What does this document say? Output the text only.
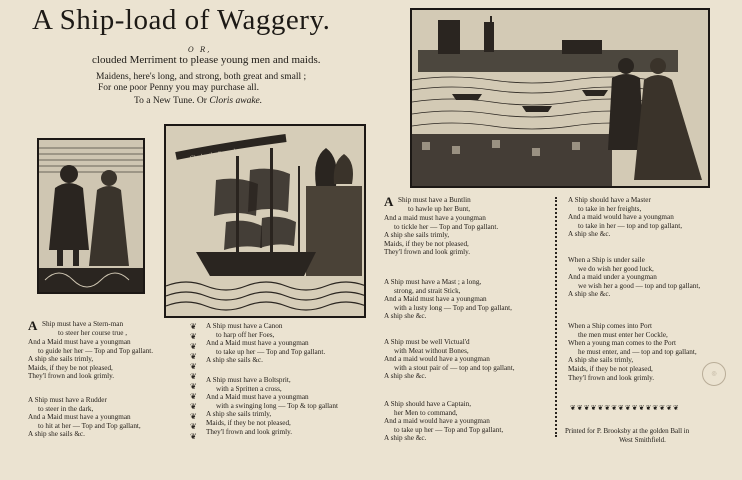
A Ship-load of Waggery.
O R,
clouded Merriment to please young men and maids.
Maidens, here's long, and strong, both great and small ;
For one poor Penny you may purchase all.
To a New Tune. Or Cloris awake.
Charles the Second
A Ship must have a Stern-man
to steer her course true ,
And a Maid must have a youngman
to guide her her — Top and Top gallant.
A ship she sails trimly,
Maids, if they be not pleased,
They'l frown and look grimly.
A Ship must have a Rudder
to steer in the dark,
And a Maid must have a youngman
to hit at her — Top and Top gallant,
A ship she sails &c.
❦
❦
❦
❦
❦
❦
❦
❦
❦
❦
❦
❦
A Ship must have a Canon
to harp off her Foes,
And a Maid must have a youngman
to take up her — Top and Top gallant.
A ship she sails &c.
A Ship must have a Boltsprit,
with a Spritten a cross,
And a Maid must have a youngman
with a swinging long — Top & top gallant
A ship she sails trimly,
Maids, if they be not pleased,
They'l frown and look grimly.
A Ship must have a Buntlin
to hawle up her Bunt,
And a maid must have a youngman
to tickle her — Top and Top gallant.
A ship she sails trimly,
Maids, if they be not pleased,
They'l frown and look grimly.
A Ship must have a Mast ; a long,
strong, and strait Stick,
And a Maid must have a youngman
with a lusty long — Top and Top gallant,
A ship she &c.
A Ship must be well Victual'd
with Meat without Bones,
And a maid would have a youngman
with a stout pair of — top and top gallant,
A ship she &c.
A Ship should have a Captain,
her Men to command,
And a maid would have a youngman
to take up her — Top and Top gallant,
A ship she &c.
A Ship should have a Master
to take in her freights,
And a maid would have a youngman
to take in her — top and top gallant,
A ship she &c.
When a Ship is under saile
we do wish her good luck,
And a maid under a youngman
we wish her a good — top and top gallant,
A ship she &c.
When a Ship comes into Port
the men must enter her Cockle,
When a young man comes to the Port
he must enter, and — top and top gallant,
A ship she sails trimly,
Maids, if they be not pleased,
They'l frown and look grimly.
◎
❦❦❦❦❦❦❦❦❦❦❦❦❦❦❦❦
Printed for P. Brooksby at the golden Ball in
West Smithfield.
